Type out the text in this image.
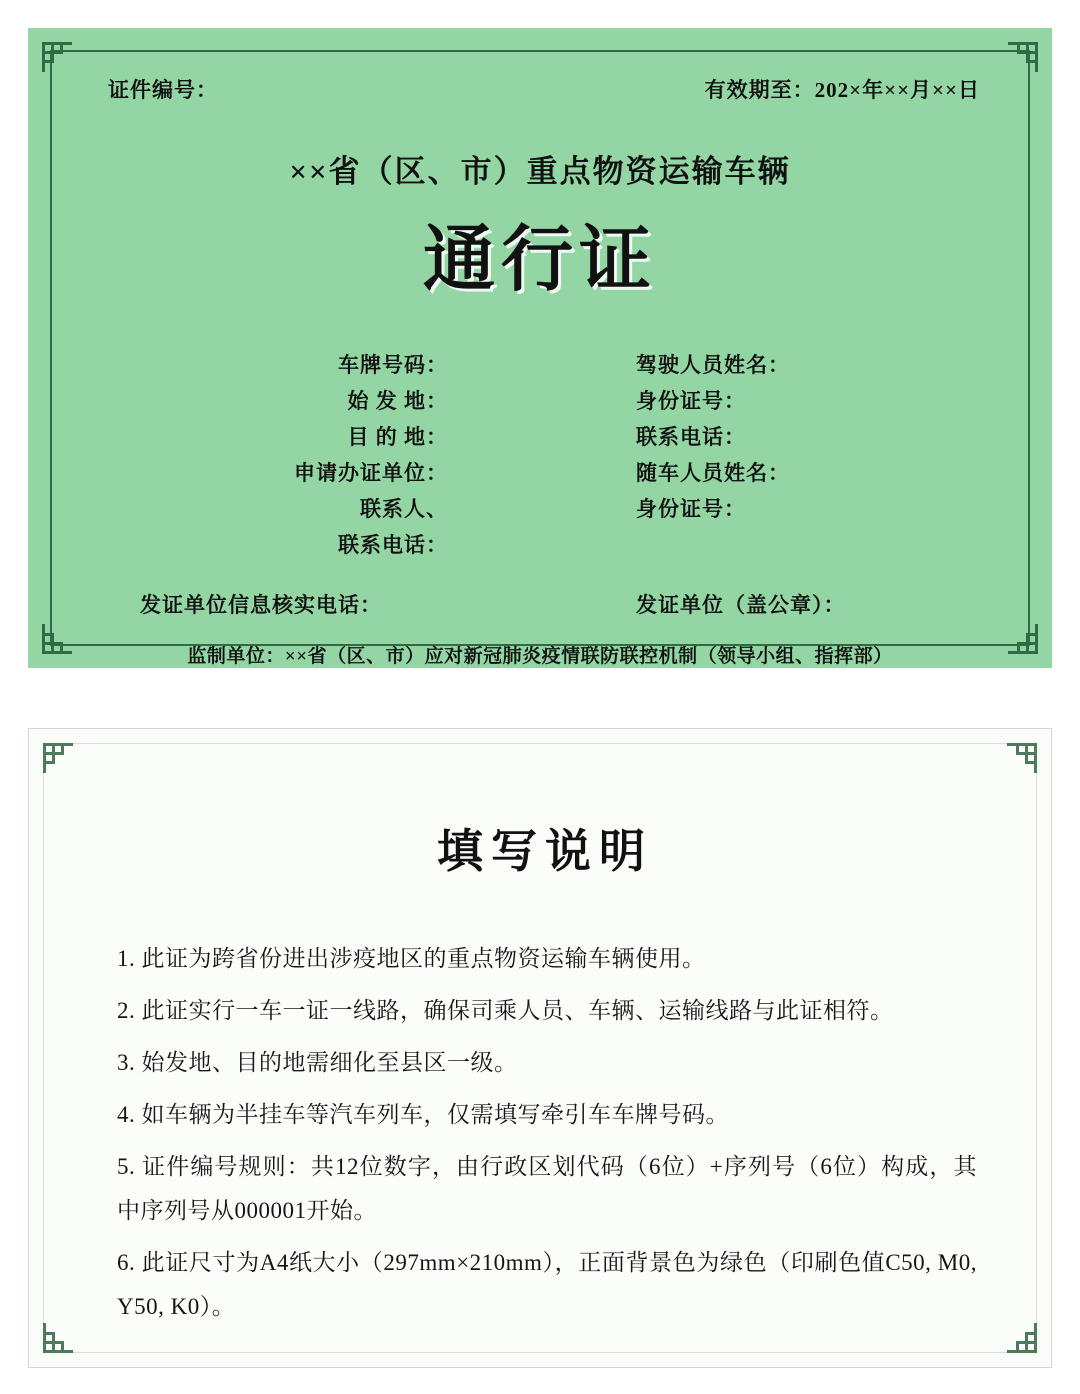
证件编号：	有效期至：202×年××月××日
××省（区、市）重点物资运输车辆
通行证
车牌号码：
始 发 地：
目 的 地：
申请办证单位：
联系人、
联系电话：
驾驶人员姓名：
身份证号：
联系电话：
随车人员姓名：
身份证号：
发证单位信息核实电话：	发证单位（盖公章）：
监制单位：××省（区、市）应对新冠肺炎疫情联防联控机制（领导小组、指挥部）
填写说明
1. 此证为跨省份进出涉疫地区的重点物资运输车辆使用。
2. 此证实行一车一证一线路，确保司乘人员、车辆、运输线路与此证相符。
3. 始发地、目的地需细化至县区一级。
4. 如车辆为半挂车等汽车列车，仅需填写牵引车车牌号码。
5. 证件编号规则：共12位数字，由行政区划代码（6位）+序列号（6位）构成，其中序列号从000001开始。
6. 此证尺寸为A4纸大小（297mm×210mm），正面背景色为绿色（印刷色值C50, M0, Y50, K0）。
